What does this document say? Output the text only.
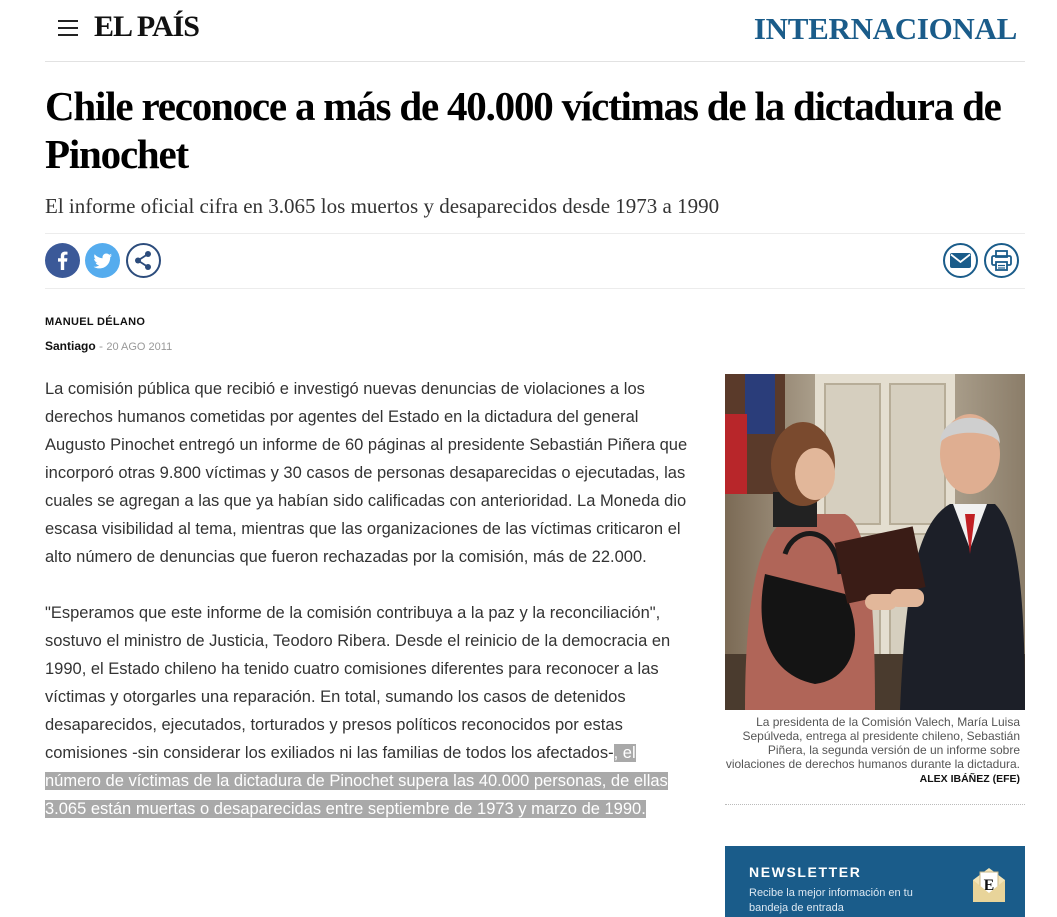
EL PAÍS	INTERNACIONAL
Chile reconoce a más de 40.000 víctimas de la dictadura de Pinochet
El informe oficial cifra en 3.065 los muertos y desaparecidos desde 1973 a 1990
MANUEL DÉLANO
Santiago - 20 AGO 2011

La comisión pública que recibió e investigó nuevas denuncias de violaciones a los derechos humanos cometidas por agentes del Estado en la dictadura del general Augusto Pinochet entregó un informe de 60 páginas al presidente Sebastián Piñera que incorporó otras 9.800 víctimas y 30 casos de personas desaparecidas o ejecutadas, las cuales se agregan a las que ya habían sido calificadas con anterioridad. La Moneda dio escasa visibilidad al tema, mientras que las organizaciones de las víctimas criticaron el alto número de denuncias que fueron rechazadas por la comisión, más de 22.000.

"Esperamos que este informe de la comisión contribuya a la paz y la reconciliación", sostuvo el ministro de Justicia, Teodoro Ribera. Desde el reinicio de la democracia en 1990, el Estado chileno ha tenido cuatro comisiones diferentes para reconocer a las víctimas y otorgarles una reparación. En total, sumando los casos de detenidos desaparecidos, ejecutados, torturados y presos políticos reconocidos por estas comisiones -sin considerar los exiliados ni las familias de todos los afectados-, el número de víctimas de la dictadura de Pinochet supera las 40.000 personas, de ellas 3.065 están muertas o desaparecidas entre septiembre de 1973 y marzo de 1990.

La presidenta de la Comisión Valech, María Luisa Sepúlveda, entrega al presidente chileno, Sebastián Piñera, la segunda versión de un informe sobre violaciones de derechos humanos durante la dictadura. ALEX IBÁÑEZ (EFE)
NEWSLETTER
Recibe la mejor información en tu bandeja de entrada
E
